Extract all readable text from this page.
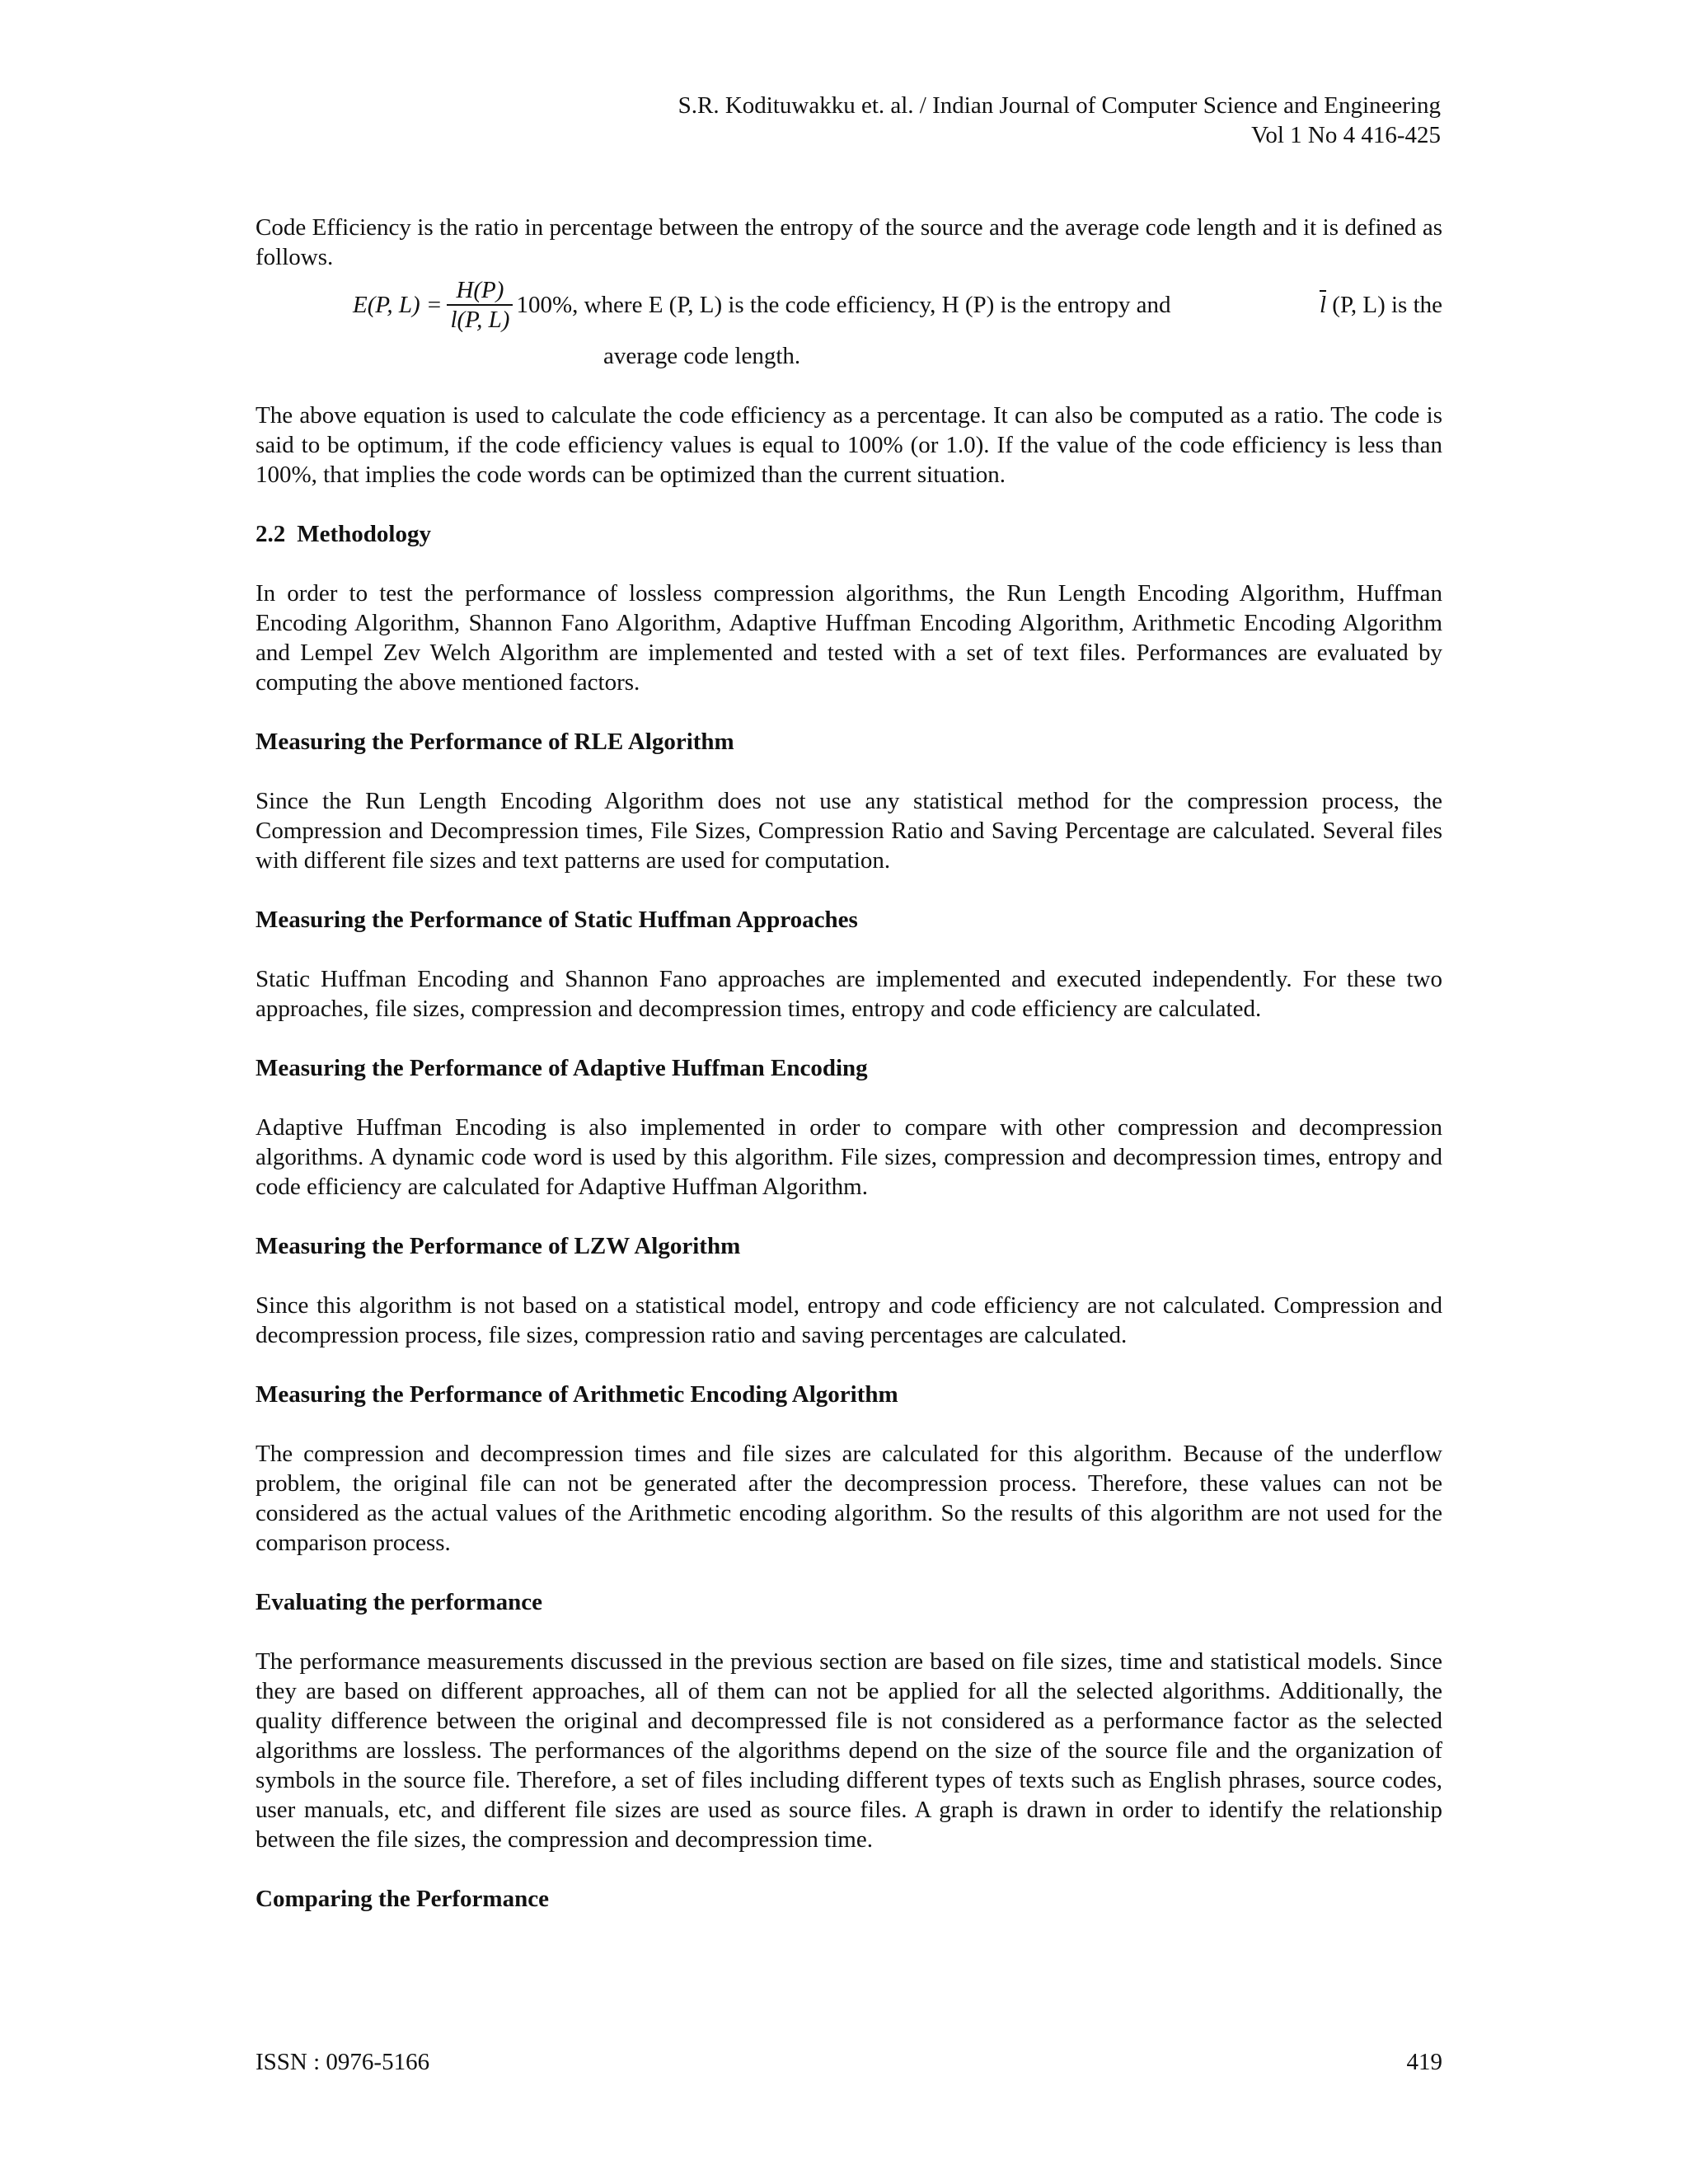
S.R. Kodituwakku et. al. / Indian Journal of Computer Science and Engineering
Vol 1 No 4 416-425

Code Efficiency is the ratio in percentage between the entropy of the source and the average code length and it is defined as follows.

E(P, $L) = \frac{H(P)}{l(P, L)} 100\%$ , where E (P, L) is the code efficiency, H (P) is the entropy and	$\overline{l}$ (P, L) is the
average code length.

The above equation is used to calculate the code efficiency as a percentage. It can also be computed as a ratio. The code is said to be optimum, if the code efficiency values is equal to 100% (or 1.0). If the value of the code efficiency is less than 100%, that implies the code words can be optimized than the current situation.

2.2 Methodology

In order to test the performance of lossless compression algorithms, the Run Length Encoding Algorithm, Huffman Encoding Algorithm, Shannon Fano Algorithm, Adaptive Huffman Encoding Algorithm, Arithmetic Encoding Algorithm and Lempel Zev Welch Algorithm are implemented and tested with a set of text files. Performances are evaluated by computing the above mentioned factors.

Measuring the Performance of RLE Algorithm

Since the Run Length Encoding Algorithm does not use any statistical method for the compression process, the Compression and Decompression times, File Sizes, Compression Ratio and Saving Percentage are calculated. Several files with different file sizes and text patterns are used for computation.

Measuring the Performance of Static Huffman Approaches

Static Huffman Encoding and Shannon Fano approaches are implemented and executed independently. For these two approaches, file sizes, compression and decompression times, entropy and code efficiency are calculated.

Measuring the Performance of Adaptive Huffman Encoding

Adaptive Huffman Encoding is also implemented in order to compare with other compression and decompression algorithms. A dynamic code word is used by this algorithm. File sizes, compression and decompression times, entropy and code efficiency are calculated for Adaptive Huffman Algorithm.

Measuring the Performance of LZW Algorithm

Since this algorithm is not based on a statistical model, entropy and code efficiency are not calculated. Compression and decompression process, file sizes, compression ratio and saving percentages are calculated.

Measuring the Performance of Arithmetic Encoding Algorithm

The compression and decompression times and file sizes are calculated for this algorithm. Because of the underflow problem, the original file can not be generated after the decompression process. Therefore, these values can not be considered as the actual values of the Arithmetic encoding algorithm. So the results of this algorithm are not used for the comparison process.

Evaluating the performance

The performance measurements discussed in the previous section are based on file sizes, time and statistical models. Since they are based on different approaches, all of them can not be applied for all the selected algorithms. Additionally, the quality difference between the original and decompressed file is not considered as a performance factor as the selected algorithms are lossless. The performances of the algorithms depend on the size of the source file and the organization of symbols in the source file. Therefore, a set of files including different types of texts such as English phrases, source codes, user manuals, etc, and different file sizes are used as source files. A graph is drawn in order to identify the relationship between the file sizes, the compression and decompression time.

Comparing the Performance
ISSN : 0976-5166	419
